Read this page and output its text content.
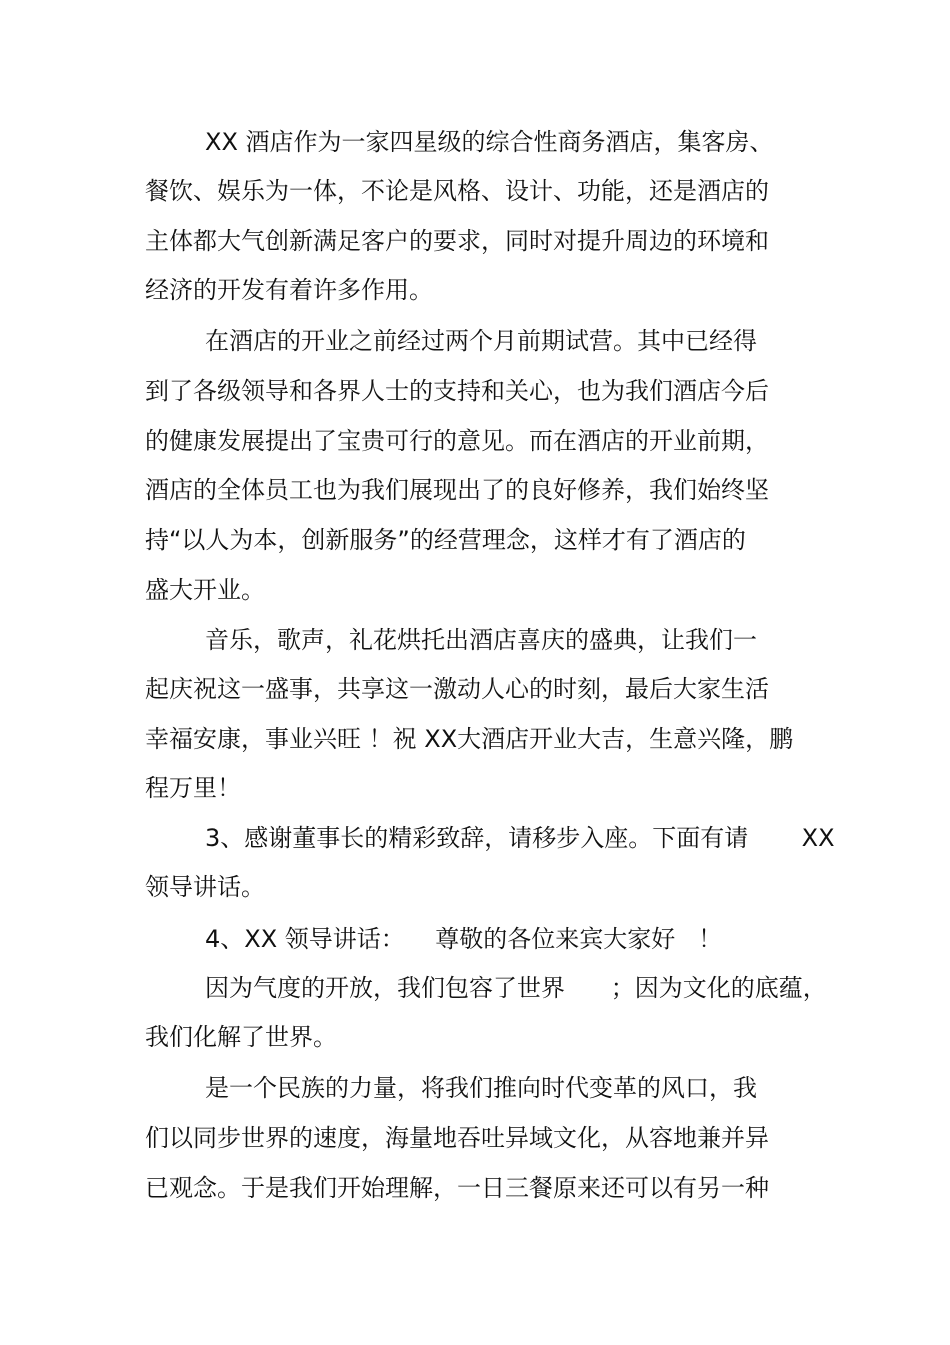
XX 酒店作为一家四星级的综合性商务酒店，集客房、
餐饮、娱乐为一体，不论是风格、设计、功能，还是酒店的
主体都大气创新满足客户的要求，同时对提升周边的环境和
经济的开发有着许多作用。
在酒店的开业之前经过两个月前期试营。其中已经得
到了各级领导和各界人士的支持和关心，也为我们酒店今后
的健康发展提出了宝贵可行的意见。而在酒店的开业前期，
酒店的全体员工也为我们展现出了的良好修养，我们始终坚
持“以人为本，创新服务”的经营理念，这样才有了酒店的
盛大开业。
音乐，歌声，礼花烘托出酒店喜庆的盛典，让我们一
起庆祝这一盛事，共享这一激动人心的时刻，最后大家生活
幸福安康，事业兴旺 ！祝 XX大酒店开业大吉，生意兴隆，鹏
程万里！
3、感谢董事长的精彩致辞，请移步入座。下面有请       XX
领导讲话。
4、XX 领导讲话：    尊敬的各位来宾大家好   ！
因为气度的开放，我们包容了世界      ；因为文化的底蕴，
我们化解了世界。
是一个民族的力量，将我们推向时代变革的风口，我
们以同步世界的速度，海量地吞吐异域文化，从容地兼并异
已观念。于是我们开始理解，一日三餐原来还可以有另一种
